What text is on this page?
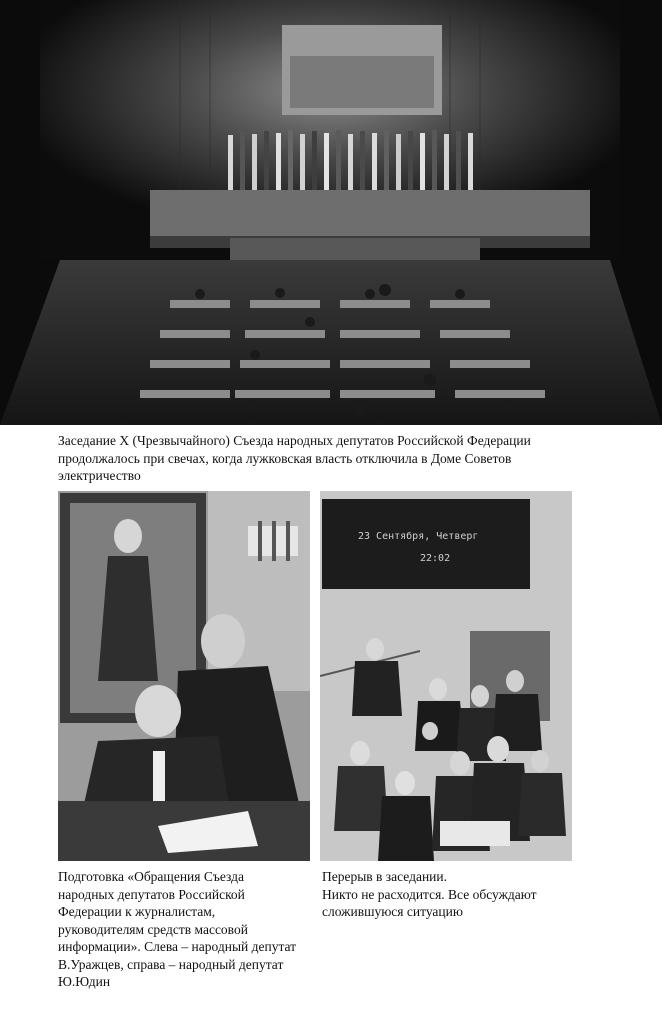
Заседание X (Чрезвычайного) Съезда народных депутатов Российской Федерации
продолжалось при свечах, когда лужковская власть отключила в Доме Советов
электричество

23 Сентября, Четверг
22:02

Подготовка «Обращения Съезда
народных депутатов Российской
Федерации к журналистам,
руководителям средств массовой
информации». Слева – народный депутат
В.Уражцев, справа – народный депутат
Ю.Юдин

Перерыв в заседании.
Никто не расходится. Все обсуждают
сложившуюся ситуацию
